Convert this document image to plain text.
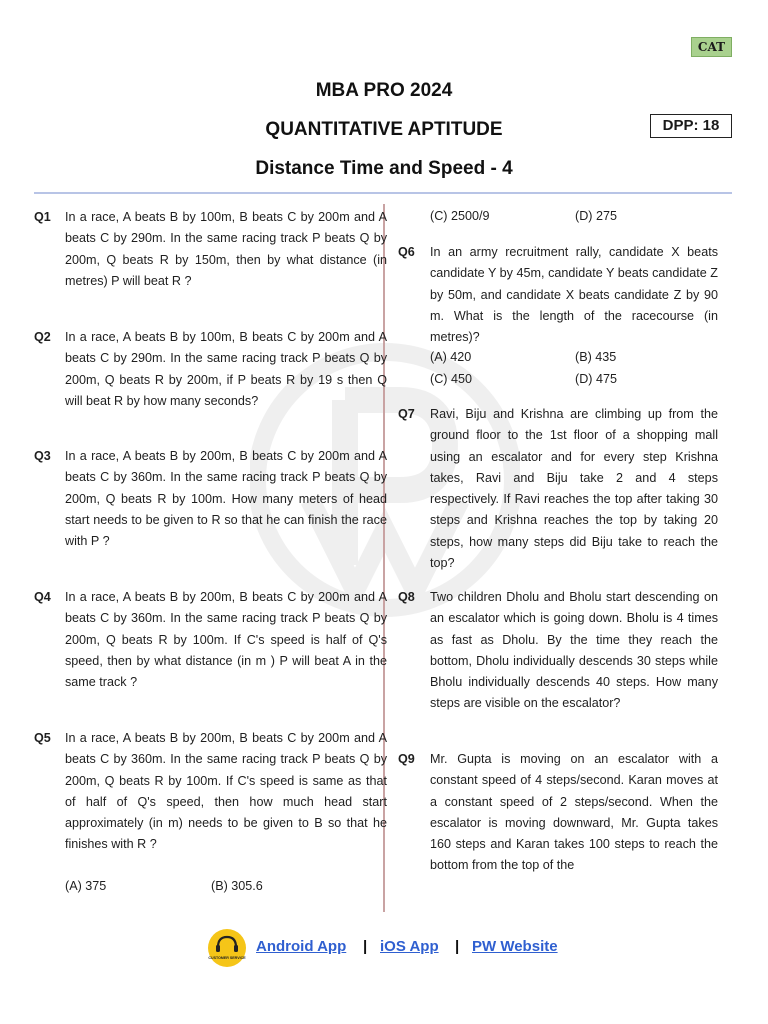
CAT
MBA PRO 2024
QUANTITATIVE APTITUDE	DPP: 18
Distance Time and Speed - 4
Q1 In a race, A beats B by 100m, B beats C by 200m and A beats C by 290m. In the same racing track P beats Q by 200m, Q beats R by 150m, then by what distance (in metres) P will beat R ?
Q2 In a race, A beats B by 100m, B beats C by 200m and A beats C by 290m. In the same racing track P beats Q by 200m, Q beats R by 200m, if P beats R by 19 s then Q will beat R by how many seconds?
Q3 In a race, A beats B by 200m, B beats C by 200m and A beats C by 360m. In the same racing track P beats Q by 200m, Q beats R by 100m. How many meters of head start needs to be given to R so that he can finish the race with P ?
Q4 In a race, A beats B by 200m, B beats C by 200m and A beats C by 360m. In the same racing track P beats Q by 200m, Q beats R by 100m. If C's speed is half of Q's speed, then by what distance (in m ) P will beat A in the same track ?
Q5 In a race, A beats B by 200m, B beats C by 200m and A beats C by 360m. In the same racing track P beats Q by 200m, Q beats R by 100m. If C's speed is same as that of half of Q's speed, then how much head start approximately (in m) needs to be given to B so that he finishes with R ?
(A) 375	(B) 305.6
(C) 2500/9	(D) 275
Q6 In an army recruitment rally, candidate X beats candidate Y by 45m, candidate Y beats candidate Z by 50m, and candidate X beats candidate Z by 90 m. What is the length of the racecourse (in metres)?
(A) 420	(B) 435
(C) 450	(D) 475
Q7 Ravi, Biju and Krishna are climbing up from the ground floor to the 1st floor of a shopping mall using an escalator and for every step Krishna takes, Ravi and Biju take 2 and 4 steps respectively. If Ravi reaches the top after taking 30 steps and Krishna reaches the top by taking 20 steps, how many steps did Biju take to reach the top?
Q8 Two children Dholu and Bholu start descending on an escalator which is going down. Bholu is 4 times as fast as Dholu. By the time they reach the bottom, Dholu individually descends 30 steps while Bholu individually descends 40 steps. How many steps are visible on the escalator?
Q9 Mr. Gupta is moving on an escalator with a constant speed of 4 steps/second. Karan moves at a constant speed of 2 steps/second. When the escalator is moving downward, Mr. Gupta takes 160 steps and Karan takes 100 steps to reach the bottom from the top of the
CUSTOMER SERVICE
Android App | iOS App | PW Website
